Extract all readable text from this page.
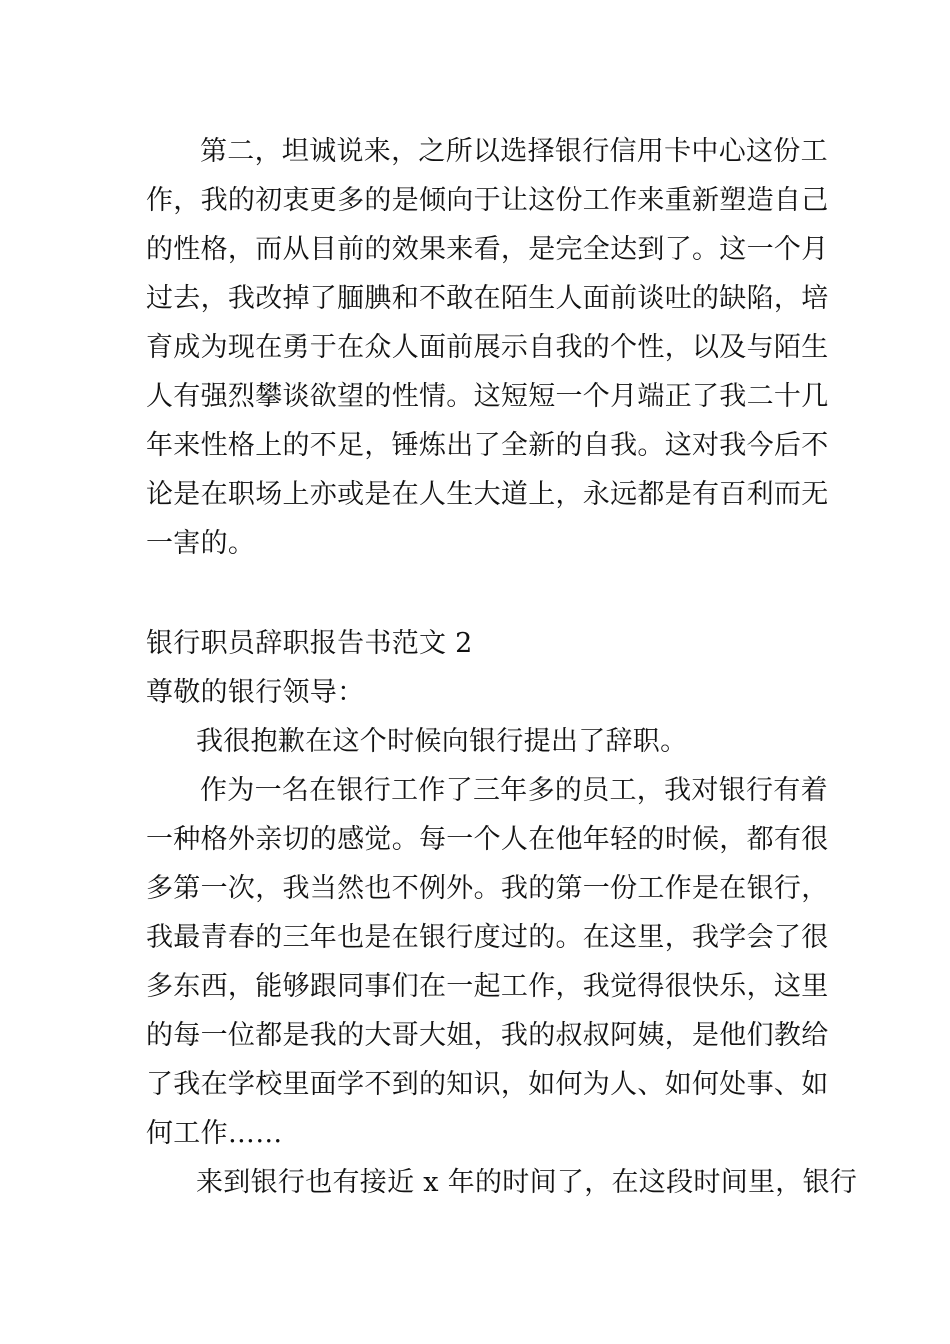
第二，坦诚说来，之所以选择银行信用卡中心这份工
作，我的初衷更多的是倾向于让这份工作来重新塑造自己
的性格，而从目前的效果来看，是完全达到了。这一个月
过去，我改掉了腼腆和不敢在陌生人面前谈吐的缺陷，培
育成为现在勇于在众人面前展示自我的个性，以及与陌生
人有强烈攀谈欲望的性情。这短短一个月端正了我二十几
年来性格上的不足，锤炼出了全新的自我。这对我今后不
论是在职场上亦或是在人生大道上，永远都是有百利而无
一害的。
银行职员辞职报告书范文 2
尊敬的银行领导：
我很抱歉在这个时候向银行提出了辞职。
作为一名在银行工作了三年多的员工，我对银行有着
一种格外亲切的感觉。每一个人在他年轻的时候，都有很
多第一次，我当然也不例外。我的第一份工作是在银行，
我最青春的三年也是在银行度过的。在这里，我学会了很
多东西，能够跟同事们在一起工作，我觉得很快乐，这里
的每一位都是我的大哥大姐，我的叔叔阿姨，是他们教给
了我在学校里面学不到的知识，如何为人、如何处事、如
何工作……
来到银行也有接近 x 年的时间了，在这段时间里，银行
